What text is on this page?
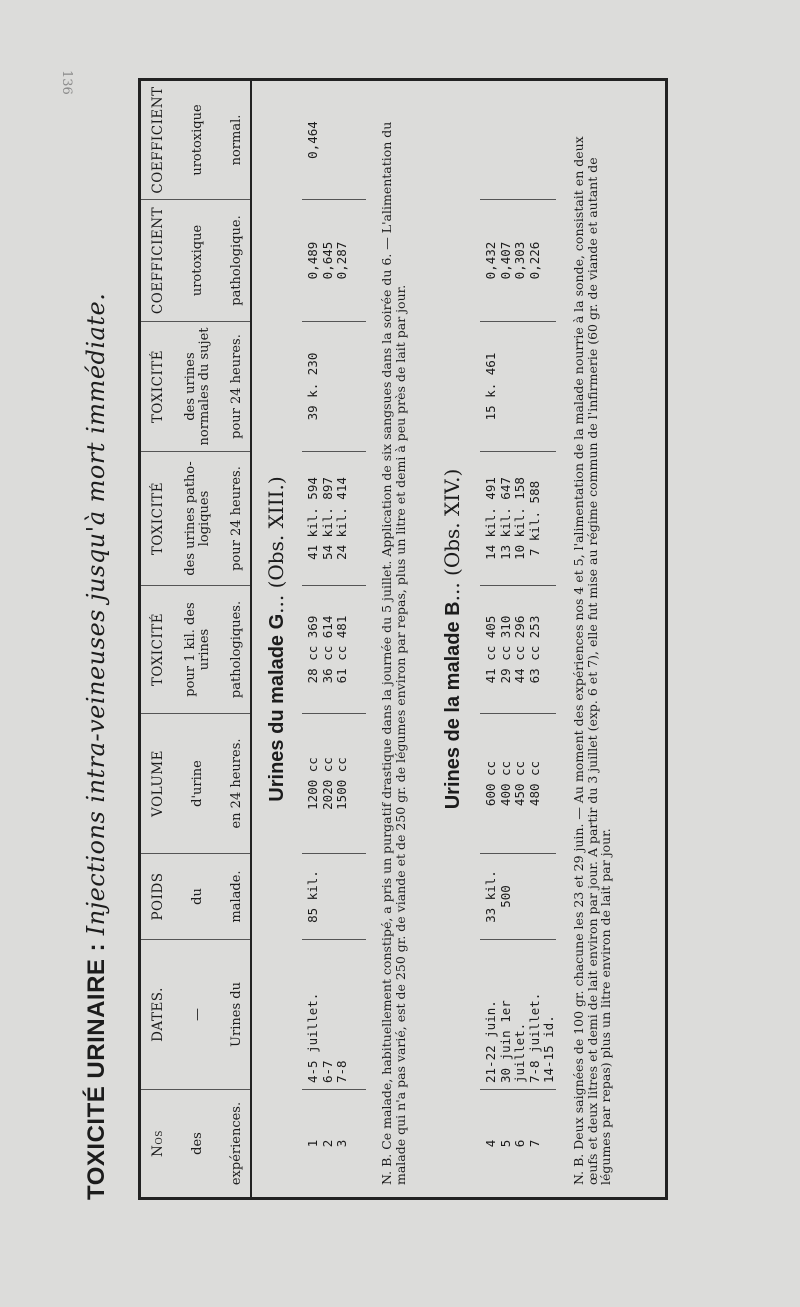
136
TOXICITÉ URINAIRE : Injections intra-veineuses jusqu'à mort immédiate.
Nos des expériences.
DATES. — Urines du
POIDS du malade.
VOLUME d'urine en 24 heures.
TOXICITÉ pour 1 kil. des urines pathologiques.
TOXICITÉ des urines patho- logiques pour 24 heures.
TOXICITÉ des urines normales du sujet pour 24 heures.
COEFFICIENT urotoxique pathologique.
COEFFICIENT urotoxique normal.
Urines du malade G... (Obs. XIII.)
1
2
3
4-5 juillet.
6-7
7-8
85 kil.
1200 cc
2020 cc
1500 cc
28 cc 369
36 cc 614
61 cc 481
41 kil. 594
54 kil. 897
24 kil. 414
39 k. 230
0,489
0,645
0,287
0,464
N. B. Ce malade, habituellement constipé, a pris un purgatif drastique dans la journée du 5 juillet. Application de six sangsues dans la soirée du 6. — L'alimentation du malade qui n'a pas varié, est de 250 gr. de viande et de 250 gr. de légumes environ par repas, plus un litre et demi à peu près de lait par jour. Urines de la malade B... (Obs. XIV.)
4
5
6
7
21-22 juin.
30 juin 1er juillet.
7-8 juillet.
14-15 id.
33 kil. 500
600 cc
400 cc
450 cc
480 cc
41 cc 405
29 cc 310
44 cc 296
63 cc 253
14 kil. 491
13 kil. 647
10 kil. 158
7 kil. 588
15 k. 461
0,432
0,407
0,303
0,226
N. B. Deux saignées de 100 gr. chacune les 23 et 29 juin. — Au moment des expériences nos 4 et 5, l'alimentation de la malade nourrie à la sonde, consistait en deux œufs et deux litres et demi de lait environ par jour. A partir du 3 juillet (exp. 6 et 7), elle fut mise au régime commun de l'infirmerie (60 gr. de viande et autant de légumes par repas) plus un litre environ de lait par jour.
